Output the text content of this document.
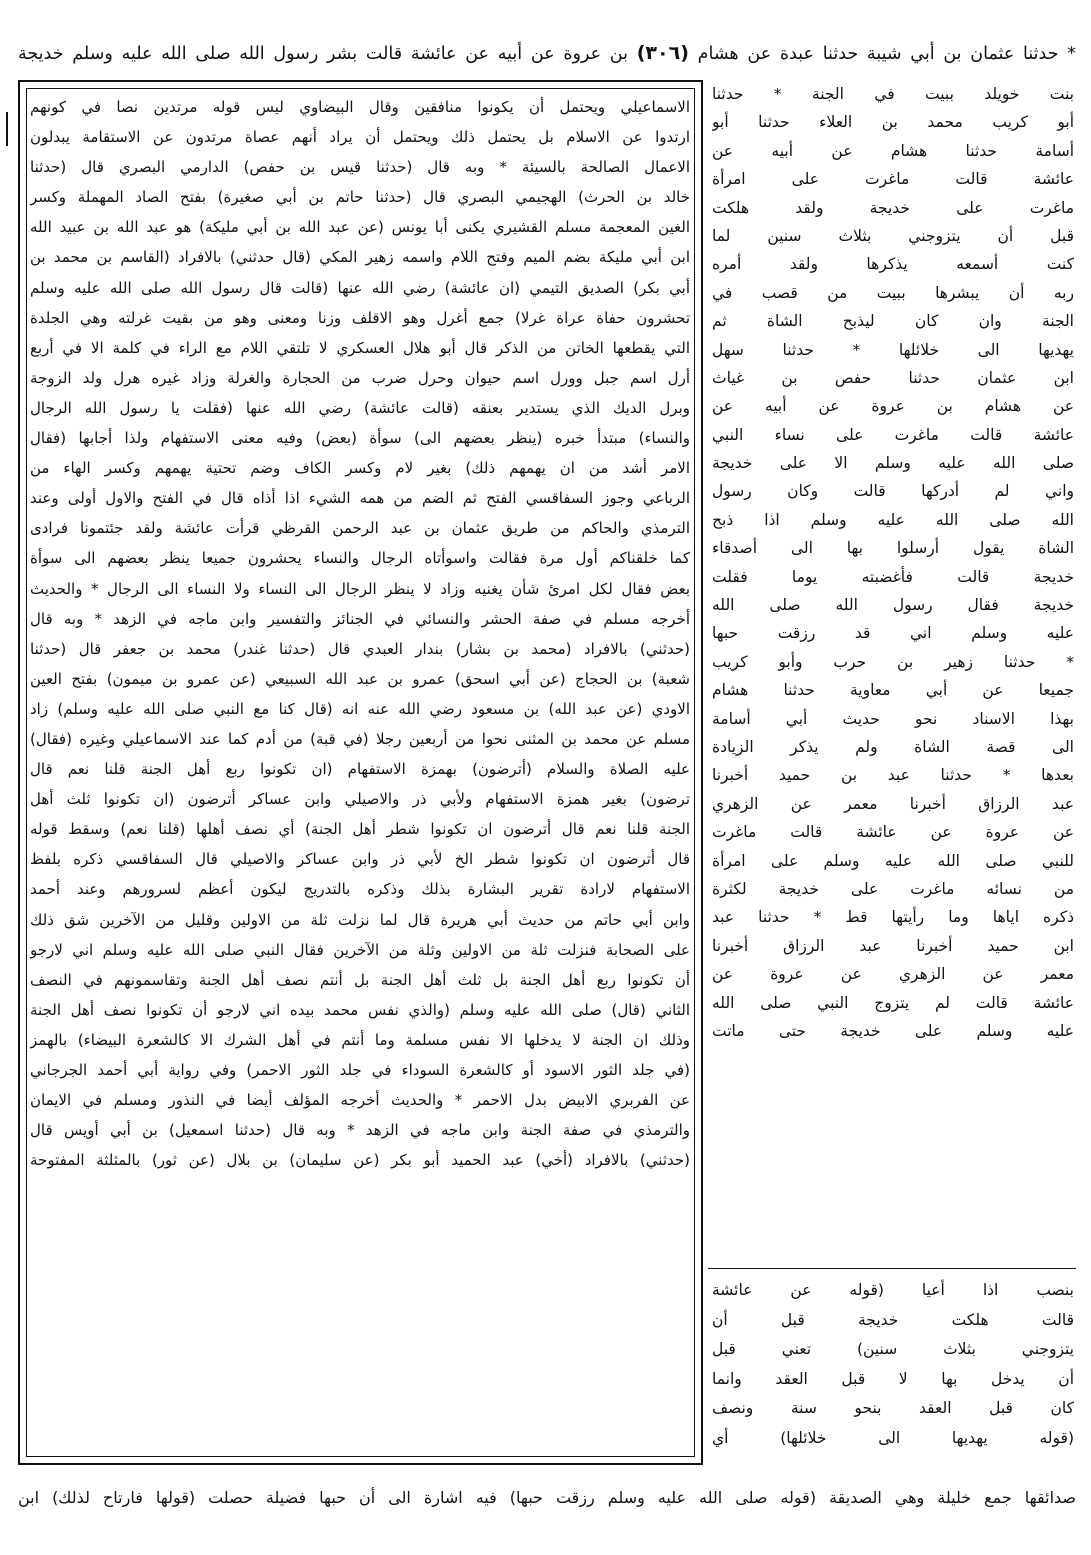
* حدثنا عثمان بن أبي شيبة حدثنا عبدة عن هشام (٣٠٦) بن عروة عن أبيه عن عائشة قالت بشر رسول الله صلى الله عليه وسلم خديجة
الاسماعيلي ويحتمل أن يكونوا منافقين وقال البيضاوي ليس قوله مرتدين نصا في كونهم
ارتدوا عن الاسلام بل يحتمل ذلك ويحتمل أن يراد أنهم عصاة مرتدون عن الاستقامة يبدلون
الاعمال الصالحة بالسيئة * وبه قال (حدثنا قيس بن حفص) الدارمي البصري قال (حدثنا
خالد بن الحرث) الهجيمي البصري قال (حدثنا حاتم بن أبي صغيرة) بفتح الصاد المهملة وكسر
الغين المعجمة مسلم القشيري يكنى أبا يونس (عن عبد الله بن أبي مليكة) هو عبد الله بن عبيد الله
ابن أبي مليكة بضم الميم وفتح اللام واسمه زهير المكي (قال حدثني) بالافراد (القاسم بن محمد بن
أبي بكر) الصديق التيمي (ان عائشة) رضي الله عنها (قالت قال رسول الله صلى الله عليه وسلم
تحشرون حفاة عراة غرلا) جمع أغرل وهو الاقلف وزنا ومعنى وهو من بقيت غرلته وهي الجلدة
التي يقطعها الخاتن من الذكر قال أبو هلال العسكري لا تلتقي اللام مع الراء في كلمة الا في أربع
أرل اسم جبل وورل اسم حيوان وحرل ضرب من الحجارة والغرلة وزاد غيره هرل ولد الزوجة
وبرل الديك الذي يستدير بعنقه (قالت عائشة) رضي الله عنها (فقلت يا رسول الله الرجال
والنساء) مبتدأ خبره (ينظر بعضهم الى) سوأة (بعض) وفيه معنى الاستفهام ولذا أجابها (فقال
الامر أشد من ان يهمهم ذلك) بغير لام وكسر الكاف وضم تحتية يهمهم وكسر الهاء من
الرباعي وجوز السفاقسي الفتح ثم الضم من همه الشيء اذا أذاه قال في الفتح والاول أولى وعند
الترمذي والحاكم من طريق عثمان بن عبد الرحمن القرظي قرأت عائشة ولقد جئتمونا فرادى
كما خلقناكم أول مرة فقالت واسوأتاه الرجال والنساء يحشرون جميعا ينظر بعضهم الى سوأة
بعض فقال لكل امرئ شأن يغنيه وزاد لا ينظر الرجال الى النساء ولا النساء الى الرجال * والحديث
أخرجه مسلم في صفة الحشر والنسائي في الجنائز والتفسير وابن ماجه في الزهد * وبه قال
(حدثني) بالافراد (محمد بن بشار) بندار العبدي قال (حدثنا غندر) محمد بن جعفر قال (حدثنا
شعبة) بن الحجاج (عن أبي اسحق) عمرو بن عبد الله السبيعي (عن عمرو بن ميمون) بفتح العين
الاودي (عن عبد الله) بن مسعود رضي الله عنه انه (قال كنا مع النبي صلى الله عليه وسلم) زاد
مسلم عن محمد بن المثنى نحوا من أربعين رجلا (في قبة) من أدم كما عند الاسماعيلي وغيره (فقال)
عليه الصلاة والسلام (أترضون) بهمزة الاستفهام (ان تكونوا ربع أهل الجنة قلنا نعم قال
ترضون) بغير همزة الاستفهام ولأبي ذر والاصيلي وابن عساكر أترضون (ان تكونوا ثلث أهل
الجنة قلنا نعم قال أترضون ان تكونوا شطر أهل الجنة) أي نصف أهلها (قلنا نعم) وسقط قوله
قال أترضون ان تكونوا شطر الخ لأبي ذر وابن عساكر والاصيلي قال السفاقسي ذكره بلفظ
الاستفهام لارادة تقرير البشارة بذلك وذكره بالتدريج ليكون أعظم لسرورهم وعند أحمد
وابن أبي حاتم من حديث أبي هريرة قال لما نزلت ثلة من الاولين وقليل من الآخرين شق ذلك
على الصحابة فنزلت ثلة من الاولين وثلة من الآخرين فقال النبي صلى الله عليه وسلم اني لارجو
أن تكونوا ربع أهل الجنة بل ثلث أهل الجنة بل أنتم نصف أهل الجنة وتقاسمونهم في النصف
الثاني (قال) صلى الله عليه وسلم (والذي نفس محمد بيده اني لارجو أن تكونوا نصف أهل الجنة
وذلك ان الجنة لا يدخلها الا نفس مسلمة وما أنتم في أهل الشرك الا كالشعرة البيضاء) بالهمز
(في جلد الثور الاسود أو كالشعرة السوداء في جلد الثور الاحمر) وفي رواية أبي أحمد الجرجاني
عن الفربري الابيض بدل الاحمر * والحديث أخرجه المؤلف أيضا في النذور ومسلم في الايمان
والترمذي في صفة الجنة وابن ماجه في الزهد * وبه قال (حدثنا اسمعيل) بن أبي أويس قال
(حدثني) بالافراد (أخي) عبد الحميد أبو بكر (عن سليمان) بن بلال (عن ثور) بالمثلثة المفتوحة
بنت خويلد ببيت في الجنة * حدثنا
أبو كريب محمد بن العلاء حدثنا أبو
أسامة حدثنا هشام عن أبيه عن
عائشة قالت ماغرت على امرأة
ماغرت على خديجة ولقد هلكت
قبل أن يتزوجني بثلاث سنين لما
كنت أسمعه يذكرها ولقد أمره
ربه أن يبشرها ببيت من قصب في
الجنة وان كان ليذبح الشاة ثم
يهديها الى خلائلها * حدثنا سهل
ابن عثمان حدثنا حفص بن غياث
عن هشام بن عروة عن أبيه عن
عائشة قالت ماغرت على نساء النبي
صلى الله عليه وسلم الا على خديجة
واني لم أدركها قالت وكان رسول
الله صلى الله عليه وسلم اذا ذبح
الشاة يقول أرسلوا بها الى أصدقاء
خديجة قالت فأغضبته يوما فقلت
خديجة فقال رسول الله صلى الله
عليه وسلم اني قد رزقت حبها
* حدثنا زهير بن حرب وأبو كريب
جميعا عن أبي معاوية حدثنا هشام
بهذا الاسناد نحو حديث أبي أسامة
الى قصة الشاة ولم يذكر الزيادة
بعدها * حدثنا عبد بن حميد أخبرنا
عبد الرزاق أخبرنا معمر عن الزهري
عن عروة عن عائشة قالت ماغرت
للنبي صلى الله عليه وسلم على امرأة
من نسائه ماغرت على خديجة لكثرة
ذكره اياها وما رأيتها قط * حدثنا عبد
ابن حميد أخبرنا عبد الرزاق أخبرنا
معمر عن الزهري عن عروة عن
عائشة قالت لم يتزوج النبي صلى الله
عليه وسلم على خديجة حتى ماتت
بنصب اذا أعيا (قوله عن عائشة
قالت هلكت خديجة قبل أن
يتزوجني بثلاث سنين) تعني قبل
أن يدخل بها لا قبل العقد وانما
كان قبل العقد بنحو سنة ونصف
(قوله يهديها الى خلائلها) أي
صدائقها جمع خليلة وهي الصديقة (قوله صلى الله عليه وسلم رزقت حبها) فيه اشارة الى أن حبها فضيلة حصلت (قولها فارتاح لذلك) ابن
